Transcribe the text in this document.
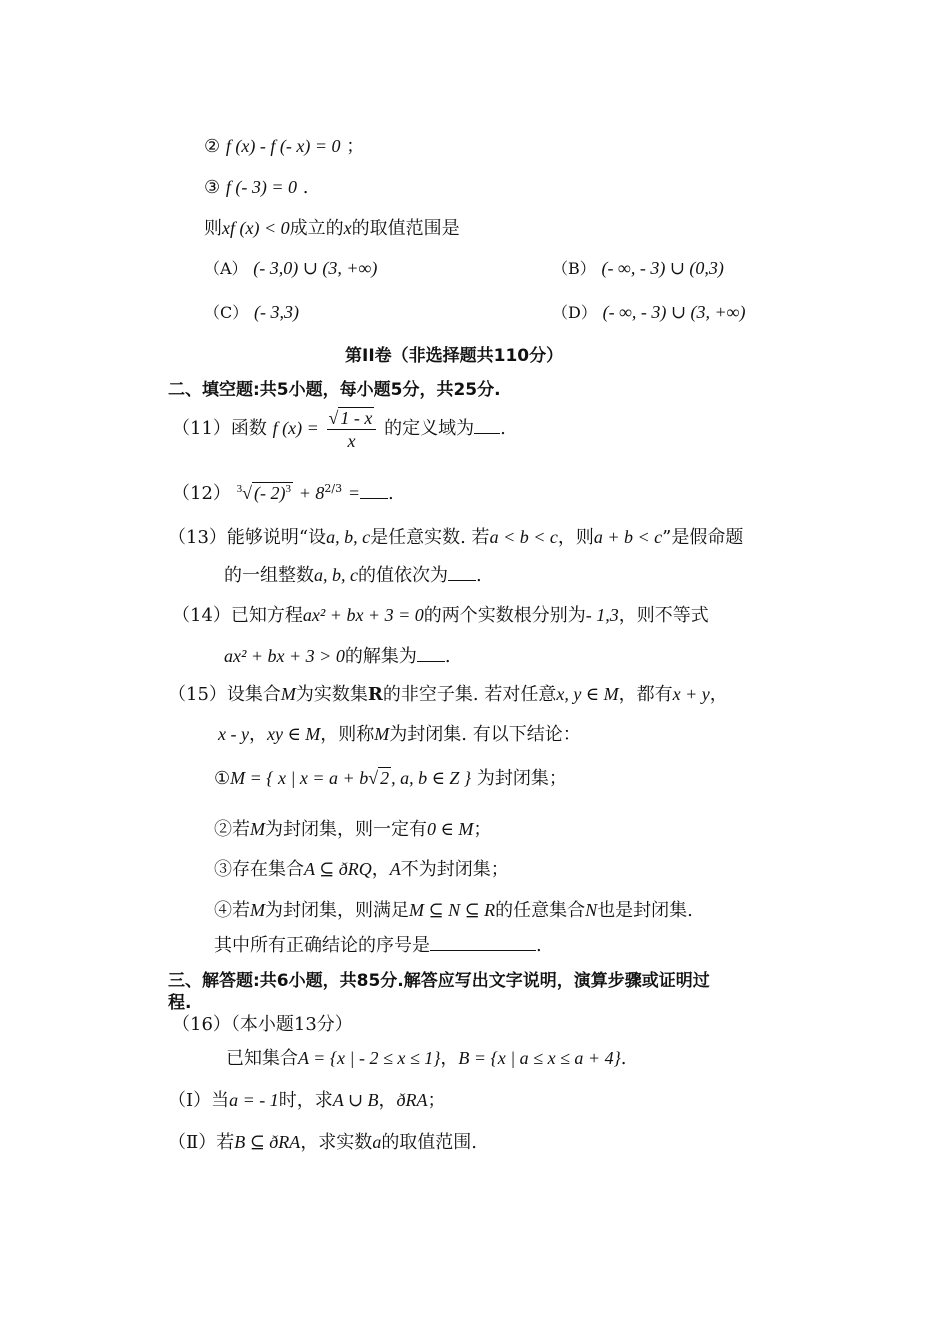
② f (x) - f (- x) = 0 ；
③ f (- 3) = 0 .
则xf (x) < 0成立的x的取值范围是
（A） (- 3,0) ∪ (3, +∞)	（B） (- ∞, - 3) ∪ (0,3)
（C） (- 3,3)	（D） (- ∞, - 3) ∪ (3, +∞)
第II卷（非选择题共110分）
二、填空题:共5小题，每小题5分，共25分.
（11）函数 f $(x) = \frac{√ 1 - x}{x}$ 的定义域为 .
（12） $^3$√ (- $2)^3 + 8^{2/3}$ = .
（13）能够说明“设a, b, c是任意实数. 若a < b < c，则a + b < c”是假命题
的一组整数a, b, c的值依次为 .
（14）已知方程ax² + bx + 3 = 0的两个实数根分别为- 1,3，则不等式
ax² + bx + 3 > 0的解集为 .
（15）设集合M为实数集R的非空子集. 若对任意x, y ∈ M，都有x + y，
x - y，xy ∈ M，则称M为封闭集. 有以下结论：
①M = { x | x = a + b√ 2 , a, b ∈ Z } 为封闭集；
②若M为封闭集，则一定有0 ∈ M；
③存在集合A ⊆ ðRQ，A不为封闭集；
④若M为封闭集，则满足M ⊆ N ⊆ R的任意集合N也是封闭集.
其中所有正确结论的序号是	.
三、解答题:共6小题，共85分.解答应写出文字说明，演算步骤或证明过
程.
（16）（本小题13分）
已知集合A = {x | - 2 ≤ x ≤ 1}，B = {x | a ≤ x ≤ a + 4}.
（Ⅰ）当a = - 1时，求A ∪ B，ðRA；
（Ⅱ）若B ⊆ ðRA，求实数a的取值范围.
